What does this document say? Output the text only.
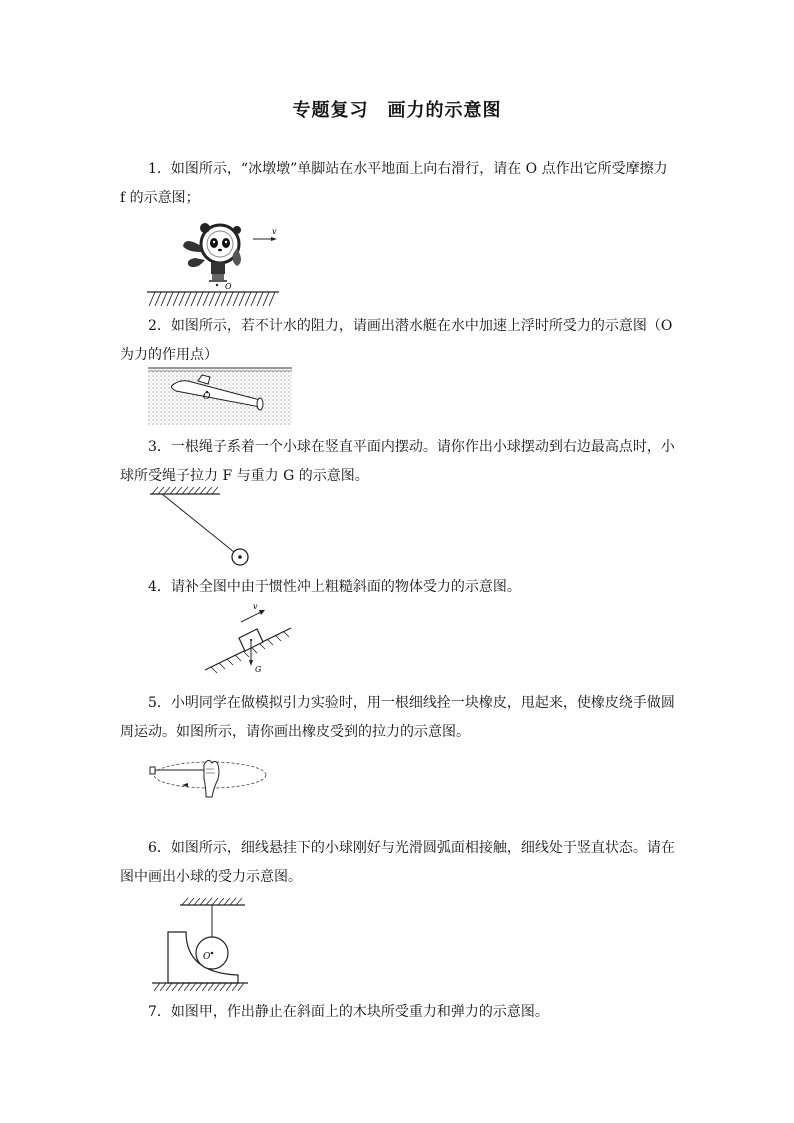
专题复习　画力的示意图
1．如图所示，“冰墩墩”单脚站在水平地面上向右滑行，请在 O 点作出它所受摩擦力 f 的示意图；
v
O
2．如图所示，若不计水的阻力，请画出潜水艇在水中加速上浮时所受力的示意图（O 为力的作用点）
O
3．一根绳子系着一个小球在竖直平面内摆动。请你作出小球摆动到右边最高点时，小球所受绳子拉力 F 与重力 G 的示意图。
4．请补全图中由于惯性冲上粗糙斜面的物体受力的示意图。
v
G
5．小明同学在做模拟引力实验时，用一根细线拴一块橡皮，甩起来，使橡皮绕手做圆周运动。如图所示，请你画出橡皮受到的拉力的示意图。
6．如图所示，细线悬挂下的小球刚好与光滑圆弧面相接触，细线处于竖直状态。请在图中画出小球的受力示意图。
O
7．如图甲，作出静止在斜面上的木块所受重力和弹力的示意图。
